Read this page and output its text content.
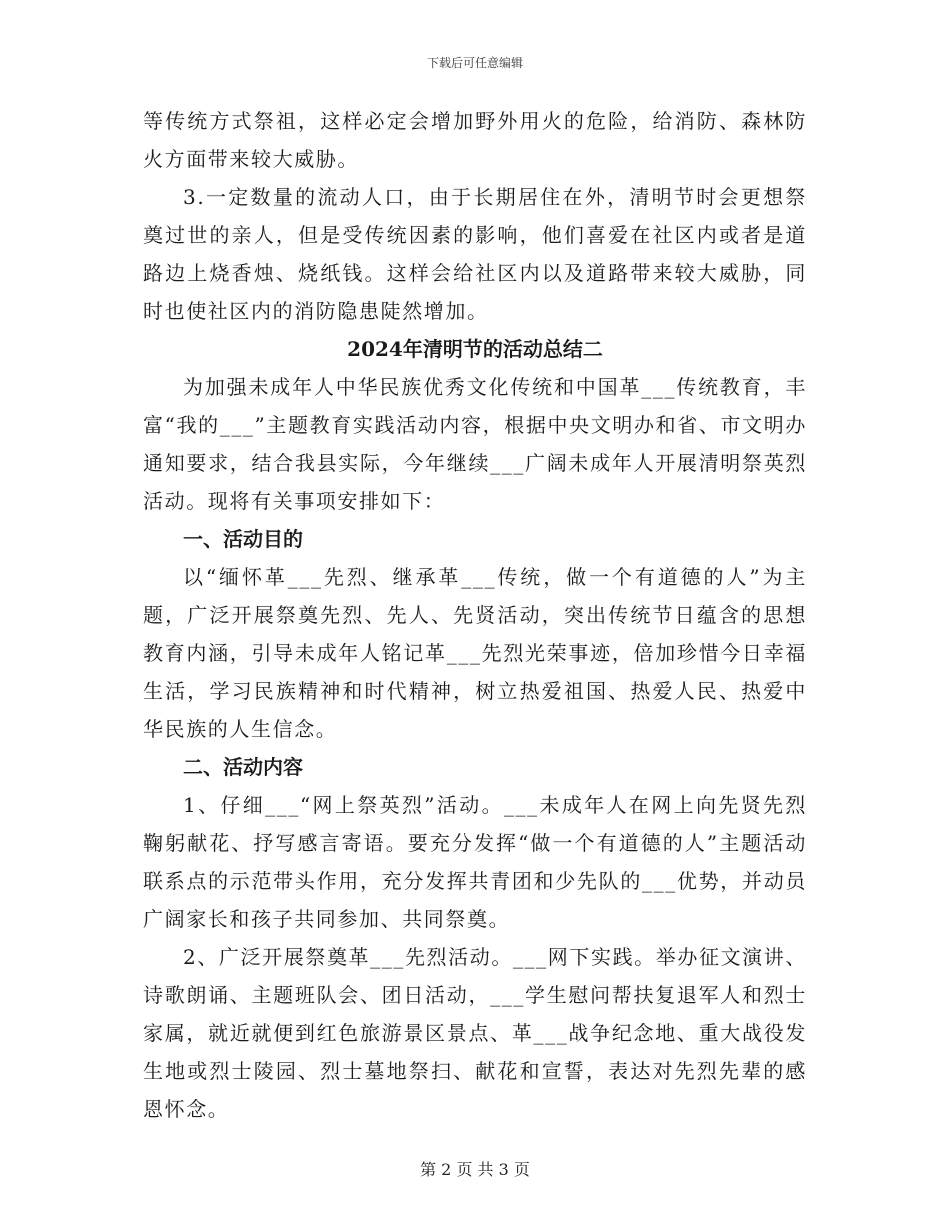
下载后可任意编辑

等传统方式祭祖，这样必定会增加野外用火的危险，给消防、森林防火方面带来较大威胁。

3.一定数量的流动人口，由于长期居住在外，清明节时会更想祭奠过世的亲人，但是受传统因素的影响，他们喜爱在社区内或者是道路边上烧香烛、烧纸钱。这样会给社区内以及道路带来较大威胁，同时也使社区内的消防隐患陡然增加。

2024年清明节的活动总结二

为加强未成年人中华民族优秀文化传统和中国革___传统教育，丰富“我的___”主题教育实践活动内容，根据中央文明办和省、市文明办通知要求，结合我县实际，今年继续___广阔未成年人开展清明祭英烈活动。现将有关事项安排如下：

一、活动目的

以“缅怀革___先烈、继承革___传统，做一个有道德的人”为主题，广泛开展祭奠先烈、先人、先贤活动，突出传统节日蕴含的思想教育内涵，引导未成年人铭记革___先烈光荣事迹，倍加珍惜今日幸福生活，学习民族精神和时代精神，树立热爱祖国、热爱人民、热爱中华民族的人生信念。

二、活动内容

1、仔细___“网上祭英烈”活动。___未成年人在网上向先贤先烈鞠躬献花、抒写感言寄语。要充分发挥“做一个有道德的人”主题活动联系点的示范带头作用，充分发挥共青团和少先队的___优势，并动员广阔家长和孩子共同参加、共同祭奠。

2、广泛开展祭奠革___先烈活动。___网下实践。举办征文演讲、诗歌朗诵、主题班队会、团日活动，___学生慰问帮扶复退军人和烈士家属，就近就便到红色旅游景区景点、革___战争纪念地、重大战役发生地或烈士陵园、烈士墓地祭扫、献花和宣誓，表达对先烈先辈的感恩怀念。

第 2 页 共 3 页
